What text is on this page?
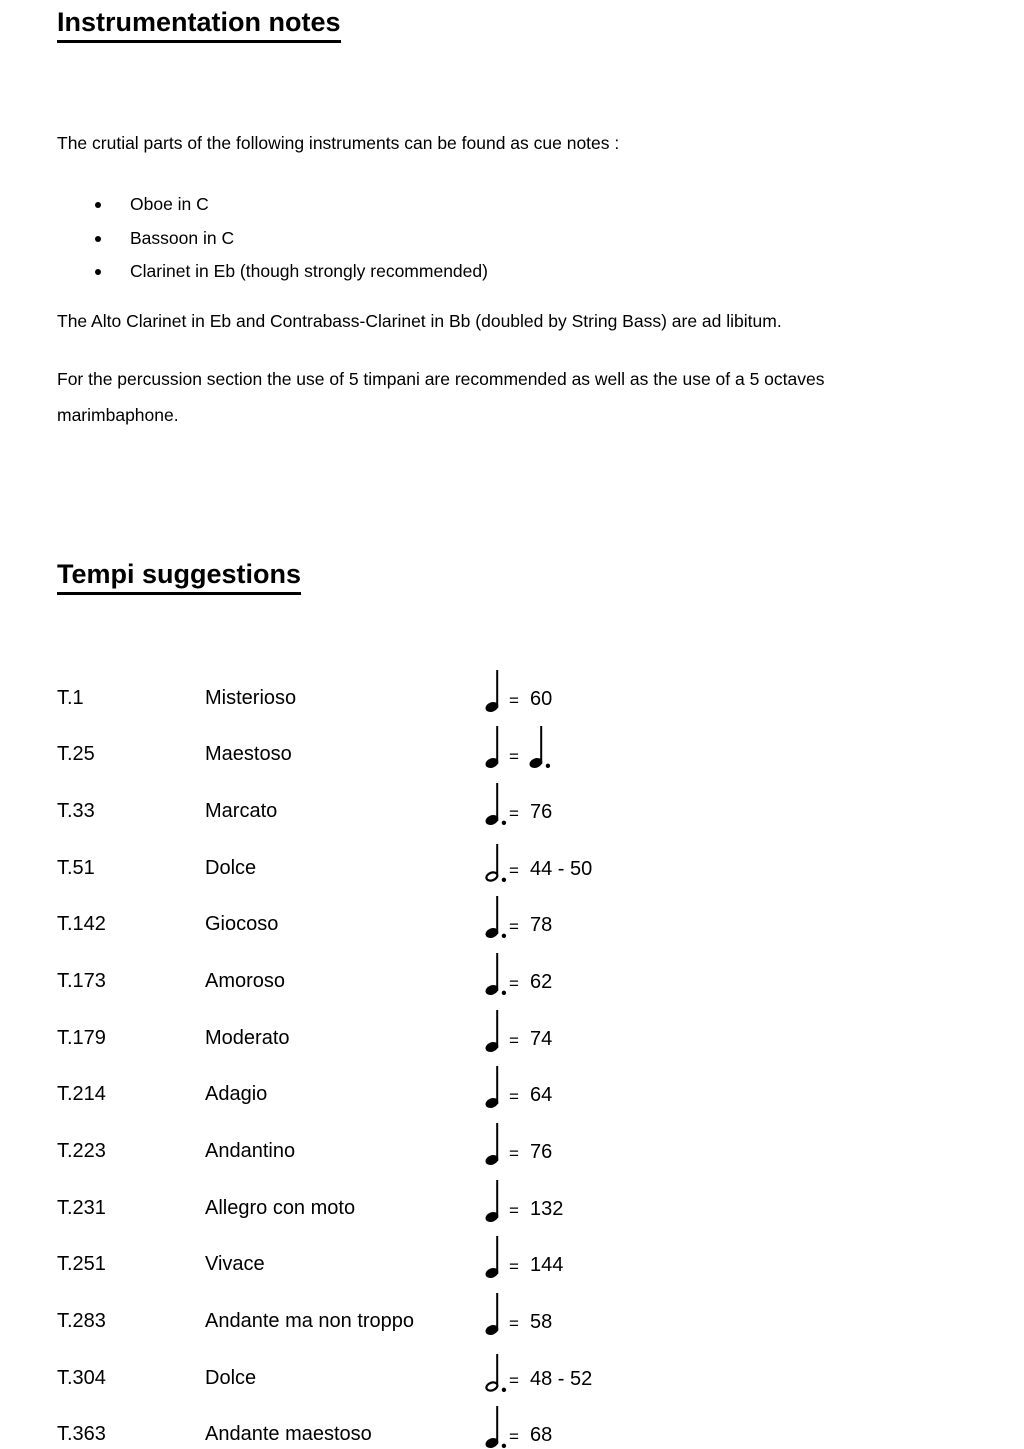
Instrumentation notes
The crutial parts of the following instruments can be found as cue notes :
Oboe in C
Bassoon in C
Clarinet in Eb (though strongly recommended)
The Alto Clarinet in Eb and Contrabass-Clarinet in Bb (doubled by String Bass) are ad libitum.
For the percussion section the use of 5 timpani are recommended as well as the use of a 5 octaves
marimbaphone.
Tempi suggestions
T.1	Misterioso	= 60
T.25	Maestoso	=
T.33	Marcato	= 76
T.51	Dolce	= 44 - 50
T.142	Giocoso	= 78
T.173	Amoroso	= 62
T.179	Moderato	= 74
T.214	Adagio	= 64
T.223	Andantino	= 76
T.231	Allegro con moto	= 132
T.251	Vivace	= 144
T.283	Andante ma non troppo	= 58
T.304	Dolce	= 48 - 52
T.363	Andante maestoso	= 68
